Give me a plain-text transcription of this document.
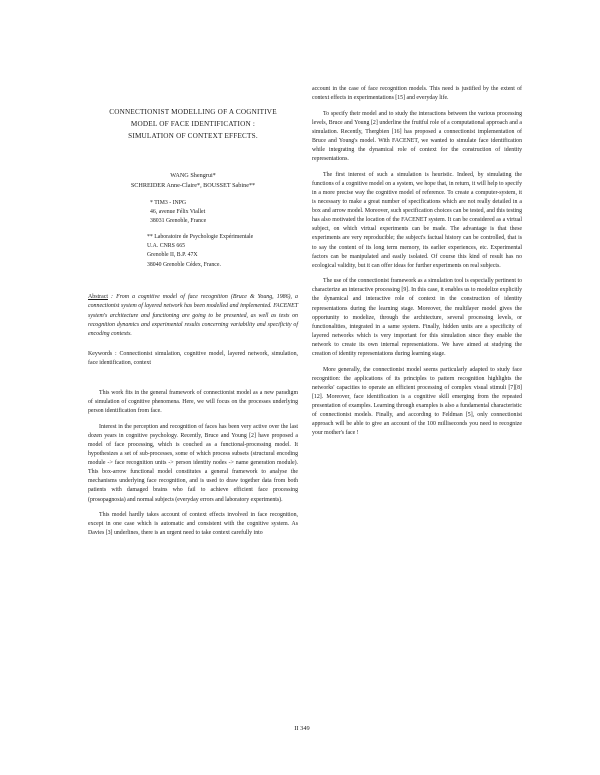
CONNECTIONIST MODELLING OF A COGNITIVE
MODEL OF FACE IDENTIFICATION :
SIMULATION OF CONTEXT EFFECTS.
WANG Shengrui*
SCHREIDER Anne-Claire*, BOUSSET Sabine**
* TIM3 - INPG
46, avenue Félix Viallet
38031 Grenoble, France
** Laboratoire de Psychologie Expérimentale
U.A. CNRS 665
Grenoble II, B.P. 47X
38040 Grenoble Cédex, France.
Abstract : From a cognitive model of face recognition (Bruce & Young, 1986), a connectionist system of layered network has been modelled and implemented. FACENET system's architecture and functioning are going to be presented, as well as tests on recognition dynamics and experimental results concerning variability and specificity of encoding contexts.
Keywords : Connectionist simulation, cognitive model, layered network, simulation, face identification, context

This work fits in the general framework of connectionist model as a new paradigm of simulation of cognitive phenomena. Here, we will focus on the processes underlying person identification from face.

Interest in the perception and recognition of faces has been very active over the last dozen years in cognitive psychology. Recently, Bruce and Young [2] have proposed a model of face processing, which is couched as a functional-processing model. It hypothesizes a set of sub-processes, some of which process subsets (structural encoding module -> face recognition units -> person identity nodes -> name generation module). This box-arrow functional model constitutes a general framework to analyse the mechanisms underlying face recognition, and is used to draw together data from both patients with damaged brains who fail to achieve efficient face processing (prosopagnosia) and normal subjects (everyday errors and laboratory experiments).

This model hardly takes account of context effects involved in face recognition, except in one case which is automatic and consistent with the cognitive system. As Davies [3] underlines, there is an urgent need to take context carefully into

account in the case of face recognition models. This need is justified by the extent of context effects in experimentations [15] and everyday life.

To specify their model and to study the interactions between the various processing levels, Bruce and Young [2] underline the fruitful role of a computational approach and a simulation. Recently, Thergbien [16] has proposed a connectionist implementation of Bruce and Young's model. With FACENET, we wanted to simulate face identification while integrating the dynamical role of context for the construction of identity representations.

The first interest of such a simulation is heuristic. Indeed, by simulating the functions of a cognitive model on a system, we hope that, in return, it will help to specify in a more precise way the cognitive model of reference. To create a computer-system, it is necessary to make a great number of specifications which are not really detailed in a box and arrow model. Moreover, such specification choices can be tested, and this testing has also motivated the location of the FACENET system. It can be considered as a virtual subject, on which virtual experiments can be made. The advantage is that these experiments are very reproducible; the subject's factual history can be controlled, that is to say the content of its long term memory, its earlier experiences, etc. Experimental factors can be manipulated and easily isolated. Of course this kind of result has no ecological validity, but it can offer ideas for further experiments on real subjects.

The use of the connectionist framework as a simulation tool is especially pertinent to characterize an interactive processing [9]. In this case, it enables us to modelize explicitly the dynamical and interactive role of context in the construction of identity representations during the learning stage. Moreover, the multilayer model gives the opportunity to modelize, through the architecture, several processing levels, or functionalities, integrated in a same system. Finally, hidden units are a specificity of layered networks which is very important for this simulation since they enable the network to create its own internal representations. We have aimed at studying the creation of identity representations during learning stage.

More generally, the connectionist model seems particularly adapted to study face recognition: the applications of its principles to pattern recognition highlights the networks' capacities to operate an efficient processing of complex visual stimuli [7][8][12]. Moreover, face identification is a cognitive skill emerging from the repeated presentation of examples. Learning through examples is also a fundamental characteristic of connectionist models. Finally, and according to Feldman [5], only connectionist approach will be able to give an account of the 100 milliseconds you need to recognize your mother's face !

II 349
